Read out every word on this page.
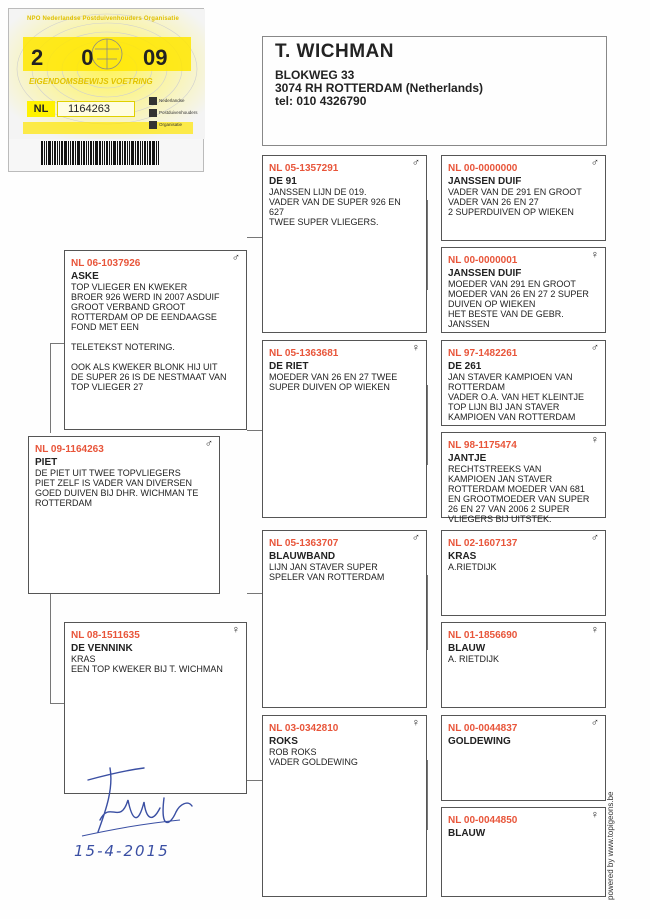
NPO Nederlandse Postduivenhouders Organisatie
20 09
EIGENDOMSBEWIJS VOETRING
NL	1164263
Nederlandse
Postduivenhouders
Organisatie
T. WICHMAN
BLOKWEG 33
3074 RH ROTTERDAM (Netherlands)
tel: 010 4326790
NL 09-1164263	♂
PIET
DE PIET UIT TWEE TOPVLIEGERS
PIET ZELF IS VADER VAN DIVERSEN
GOED DUIVEN BIJ DHR. WICHMAN TE
ROTTERDAM
NL 06-1037926	♂
ASKE
TOP VLIEGER EN KWEKER
BROER 926 WERD IN 2007 ASDUIF
GROOT VERBAND GROOT
ROTTERDAM OP DE EENDAAGSE
FOND MET EEN

TELETEKST NOTERING.

OOK ALS KWEKER BLONK HIJ UIT
DE SUPER 26 IS DE NESTMAAT VAN
TOP VLIEGER 27
NL 08-1511635	♀
DE VENNINK
KRAS
EEN TOP KWEKER BIJ T. WICHMAN
NL 05-1357291	♂
DE 91
JANSSEN LIJN DE 019.
VADER VAN DE SUPER 926 EN
627
TWEE SUPER VLIEGERS.
NL 05-1363681	♀
DE RIET
MOEDER VAN 26 EN 27 TWEE
SUPER DUIVEN OP WIEKEN
NL 05-1363707	♂
BLAUWBAND
LIJN JAN STAVER SUPER
SPELER VAN ROTTERDAM
NL 03-0342810	♀
ROKS
ROB ROKS
VADER GOLDEWING
NL 00-0000000	♂
JANSSEN DUIF
VADER VAN DE 291 EN GROOT
VADER VAN 26 EN 27
2 SUPERDUIVEN OP WIEKEN
NL 00-0000001	♀
JANSSEN DUIF
MOEDER VAN 291 EN GROOT
MOEDER VAN 26 EN 27 2 SUPER
DUIVEN OP WIEKEN
HET BESTE VAN DE GEBR.
JANSSEN
NL 97-1482261	♂
DE 261
JAN STAVER KAMPIOEN VAN
ROTTERDAM
VADER O.A. VAN HET KLEINTJE
TOP LIJN BIJ JAN STAVER
KAMPIOEN VAN ROTTERDAM
NL 98-1175474	♀
JANTJE
RECHTSTREEKS VAN
KAMPIOEN JAN STAVER
ROTTERDAM MOEDER VAN 681
EN GROOTMOEDER VAN SUPER
26 EN 27 VAN 2006 2 SUPER
VLIEGERS BIJ UITSTEK.
NL 02-1607137	♂
KRAS
A.RIETDIJK
NL 01-1856690	♀
BLAUW
A. RIETDIJK
NL 00-0044837	♂
GOLDEWING
NL 00-0044850	♀
BLAUW	powered by www.topigeons.be
15-4-2015
